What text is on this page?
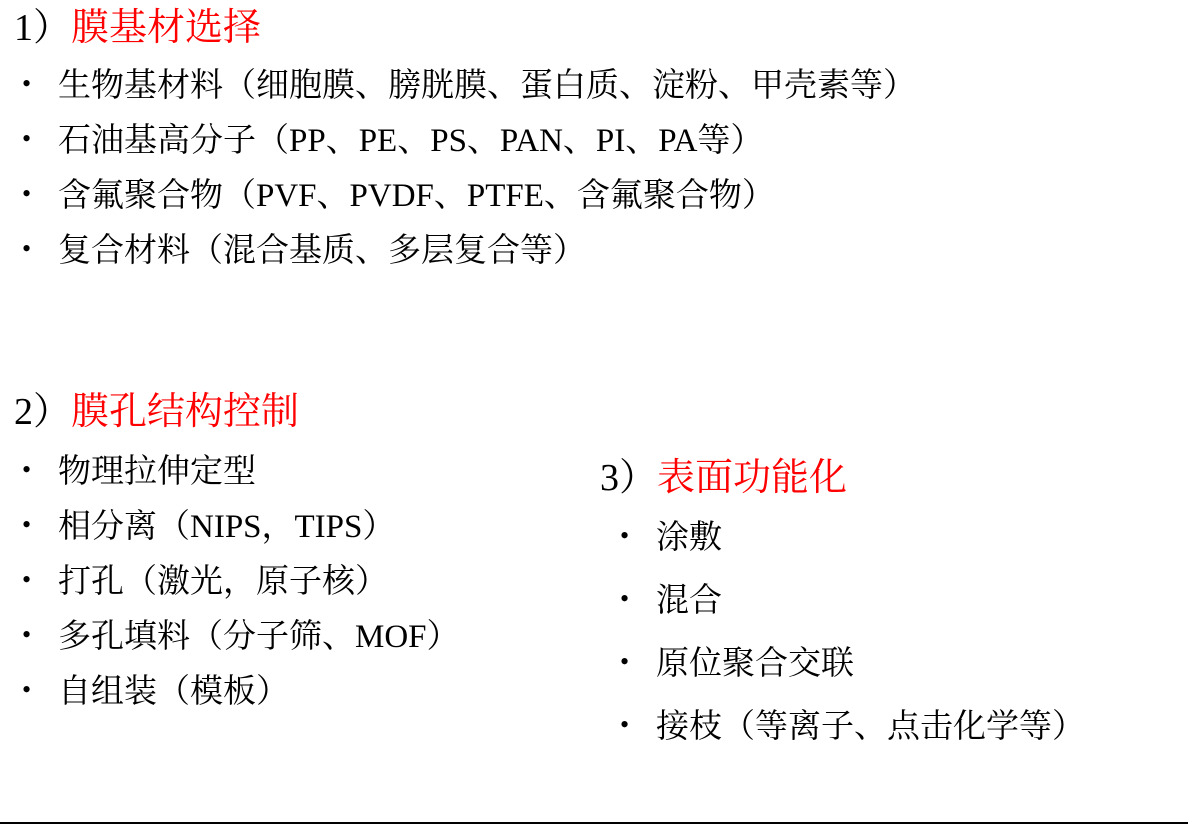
1）膜基材选择
• 生物基材料（细胞膜、膀胱膜、蛋白质、淀粉、甲壳素等）
• 石油基高分子（PP、PE、PS、PAN、PI、PA等）
• 含氟聚合物（PVF、PVDF、PTFE、含氟聚合物）
• 复合材料（混合基质、多层复合等）
2）膜孔结构控制
• 物理拉伸定型
• 相分离（NIPS，TIPS）
• 打孔（激光，原子核）
• 多孔填料（分子筛、MOF）
• 自组装（模板）
3）表面功能化
• 涂敷
• 混合
• 原位聚合交联
• 接枝（等离子、点击化学等）
